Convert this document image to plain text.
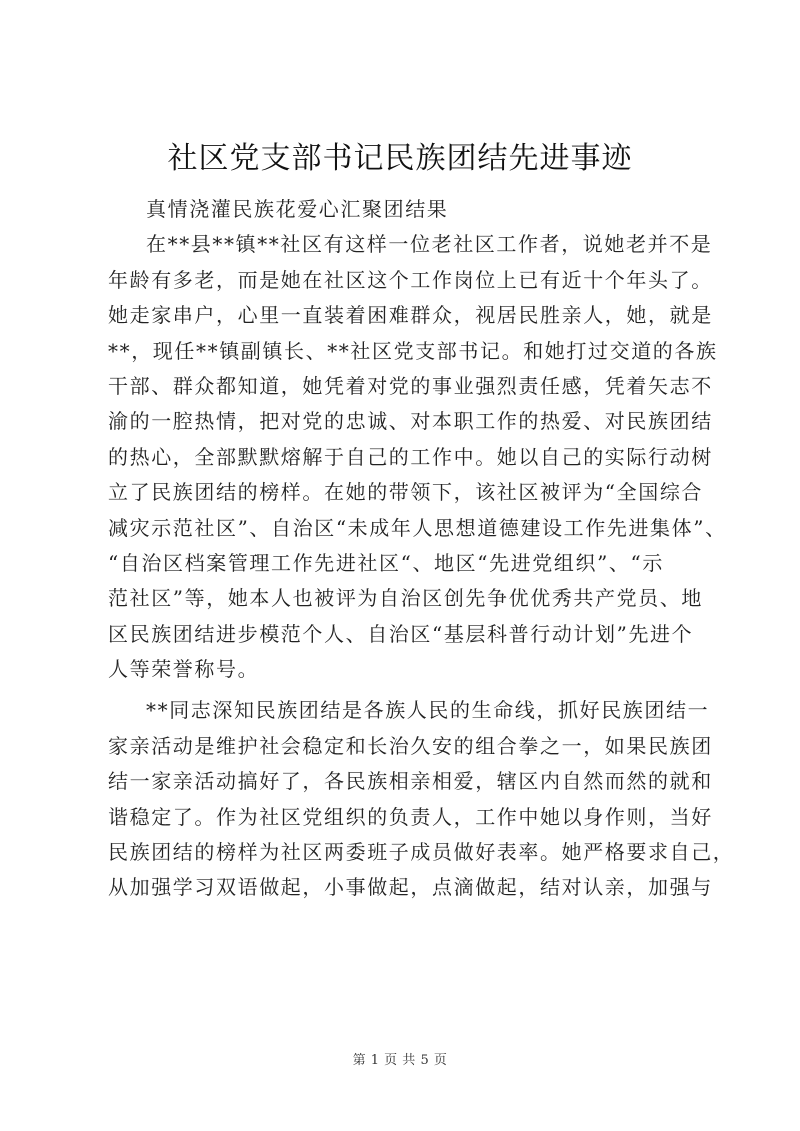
社区党支部书记民族团结先进事迹
真情浇灌民族花爱心汇聚团结果
在**县**镇**社区有这样一位老社区工作者，说她老并不是
年龄有多老，而是她在社区这个工作岗位上已有近十个年头了。
她走家串户，心里一直装着困难群众，视居民胜亲人，她，就是
**，现任**镇副镇长、**社区党支部书记。和她打过交道的各族
干部、群众都知道，她凭着对党的事业强烈责任感，凭着矢志不
渝的一腔热情，把对党的忠诚、对本职工作的热爱、对民族团结
的热心，全部默默熔解于自己的工作中。她以自己的实际行动树
立了民族团结的榜样。在她的带领下，该社区被评为“全国综合
减灾示范社区”、自治区“未成年人思想道德建设工作先进集体”、
“自治区档案管理工作先进社区“、地区“先进党组织”、“示
范社区”等，她本人也被评为自治区创先争优优秀共产党员、地
区民族团结进步模范个人、自治区“基层科普行动计划”先进个
人等荣誉称号。
**同志深知民族团结是各族人民的生命线，抓好民族团结一
家亲活动是维护社会稳定和长治久安的组合拳之一，如果民族团
结一家亲活动搞好了，各民族相亲相爱，辖区内自然而然的就和
谐稳定了。作为社区党组织的负责人，工作中她以身作则，当好
民族团结的榜样为社区两委班子成员做好表率。她严格要求自己，
从加强学习双语做起，小事做起，点滴做起，结对认亲，加强与
第 1 页 共 5 页
